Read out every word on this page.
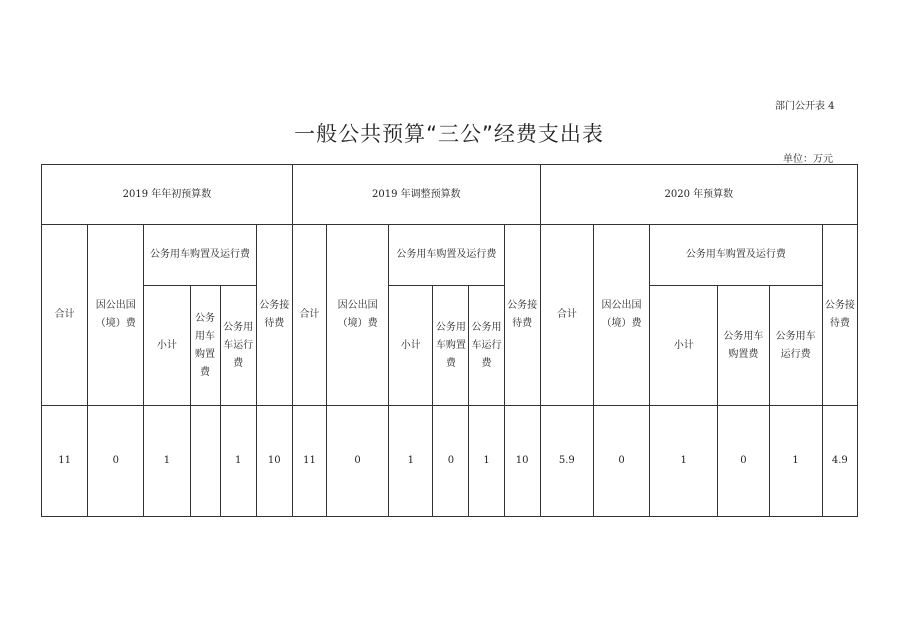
部门公开表 4
一般公共预算“三公”经费支出表
单位：万元
2019 年年初预算数						2019 年调整预算数						2020 年预算数					
合计	因公出国（境）费	公务用车购置及运行费			公务接待费	合计	因公出国（境）费	公务用车购置及运行费			公务接待费	合计	因公出国（境）费	公务用车购置及运行费			公务接待费
		小计	公务用车购置费	公务用车运行费				小计	公务用车购置费	公务用车运行费				小计	公务用车购置费	公务用车运行费	
11	0	1		1	10	11	0	1	0	1	10	5.9	0	1	0	1	4.9
